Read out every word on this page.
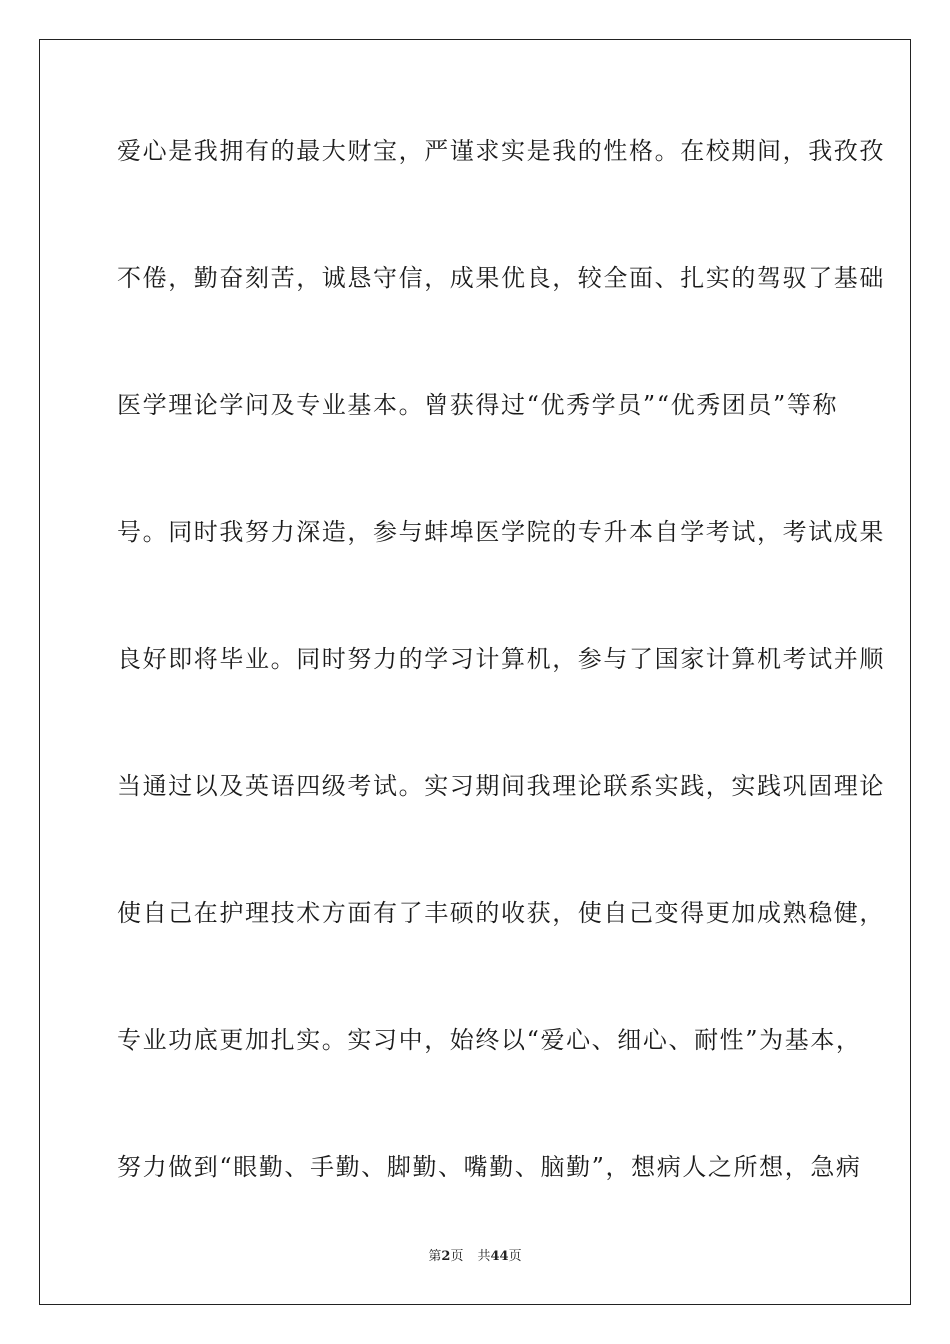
爱心是我拥有的最大财宝，严谨求实是我的性格。在校期间，我孜孜
不倦，勤奋刻苦，诚恳守信，成果优良，较全面、扎实的驾驭了基础
医学理论学问及专业基本。曾获得过“优秀学员”“优秀团员”等称
号。同时我努力深造，参与蚌埠医学院的专升本自学考试，考试成果
良好即将毕业。同时努力的学习计算机，参与了国家计算机考试并顺
当通过以及英语四级考试。实习期间我理论联系实践，实践巩固理论
使自己在护理技术方面有了丰硕的收获，使自己变得更加成熟稳健，
专业功底更加扎实。实习中，始终以“爱心、细心、耐性”为基本，
努力做到“眼勤、手勤、脚勤、嘴勤、脑勤”，想病人之所想，急病
第2页 共44页
